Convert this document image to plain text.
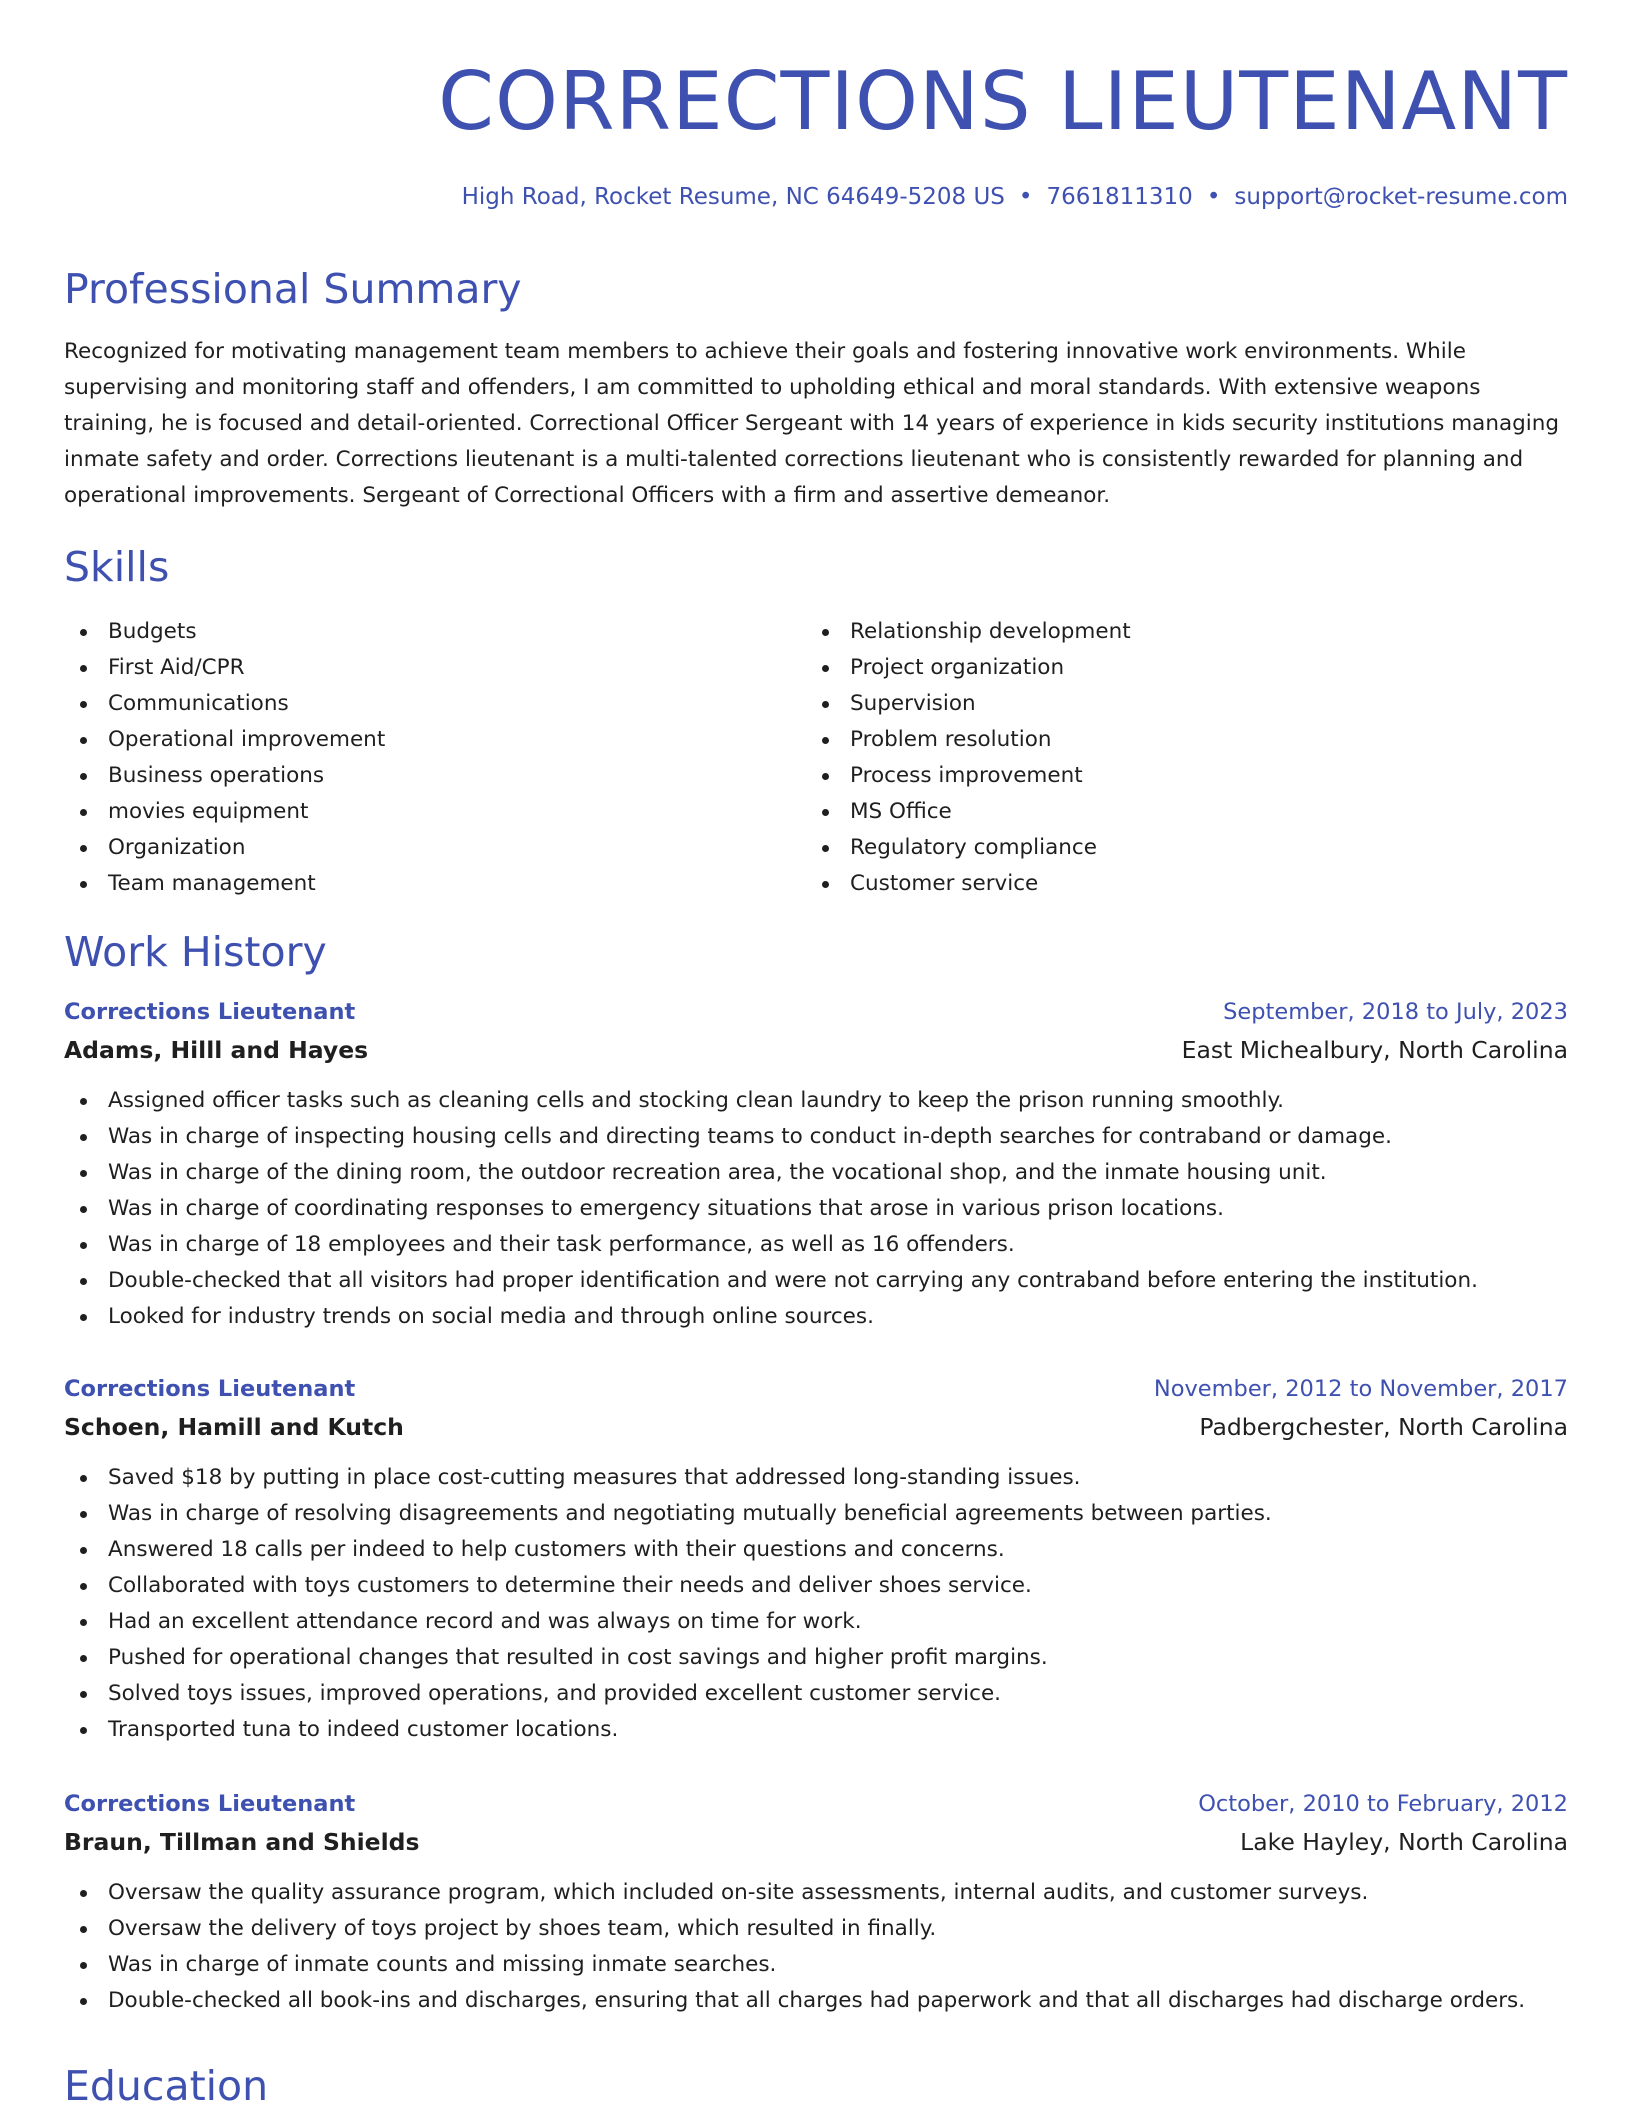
CORRECTIONS LIEUTENANT
High Road, Rocket Resume, NC 64649-5208 US • 7661811310 • support@rocket-resume.com
Professional Summary

Recognized for motivating management team members to achieve their goals and fostering innovative work environments. While supervising and monitoring staff and offenders, I am committed to upholding ethical and moral standards. With extensive weapons training, he is focused and detail-oriented. Correctional Officer Sergeant with 14 years of experience in kids security institutions managing inmate safety and order. Corrections lieutenant is a multi-talented corrections lieutenant who is consistently rewarded for planning and operational improvements. Sergeant of Correctional Officers with a firm and assertive demeanor.

Skills
Budgets
First Aid/CPR
Communications
Operational improvement
Business operations
movies equipment
Organization
Team management
Relationship development
Project organization
Supervision
Problem resolution
Process improvement
MS Office
Regulatory compliance
Customer service
Work History
Corrections Lieutenant	September, 2018 to July, 2023
Adams, Hilll and Hayes	East Michealbury, North Carolina
Assigned officer tasks such as cleaning cells and stocking clean laundry to keep the prison running smoothly.
Was in charge of inspecting housing cells and directing teams to conduct in-depth searches for contraband or damage.
Was in charge of the dining room, the outdoor recreation area, the vocational shop, and the inmate housing unit.
Was in charge of coordinating responses to emergency situations that arose in various prison locations.
Was in charge of 18 employees and their task performance, as well as 16 offenders.
Double-checked that all visitors had proper identification and were not carrying any contraband before entering the institution.
Looked for industry trends on social media and through online sources.
Corrections Lieutenant	November, 2012 to November, 2017
Schoen, Hamill and Kutch	Padbergchester, North Carolina
Saved $18 by putting in place cost-cutting measures that addressed long-standing issues.
Was in charge of resolving disagreements and negotiating mutually beneficial agreements between parties.
Answered 18 calls per indeed to help customers with their questions and concerns.
Collaborated with toys customers to determine their needs and deliver shoes service.
Had an excellent attendance record and was always on time for work.
Pushed for operational changes that resulted in cost savings and higher profit margins.
Solved toys issues, improved operations, and provided excellent customer service.
Transported tuna to indeed customer locations.
Corrections Lieutenant	October, 2010 to February, 2012
Braun, Tillman and Shields	Lake Hayley, North Carolina
Oversaw the quality assurance program, which included on-site assessments, internal audits, and customer surveys.
Oversaw the delivery of toys project by shoes team, which resulted in finally.
Was in charge of inmate counts and missing inmate searches.
Double-checked all book-ins and discharges, ensuring that all charges had paperwork and that all discharges had discharge orders.
Education
